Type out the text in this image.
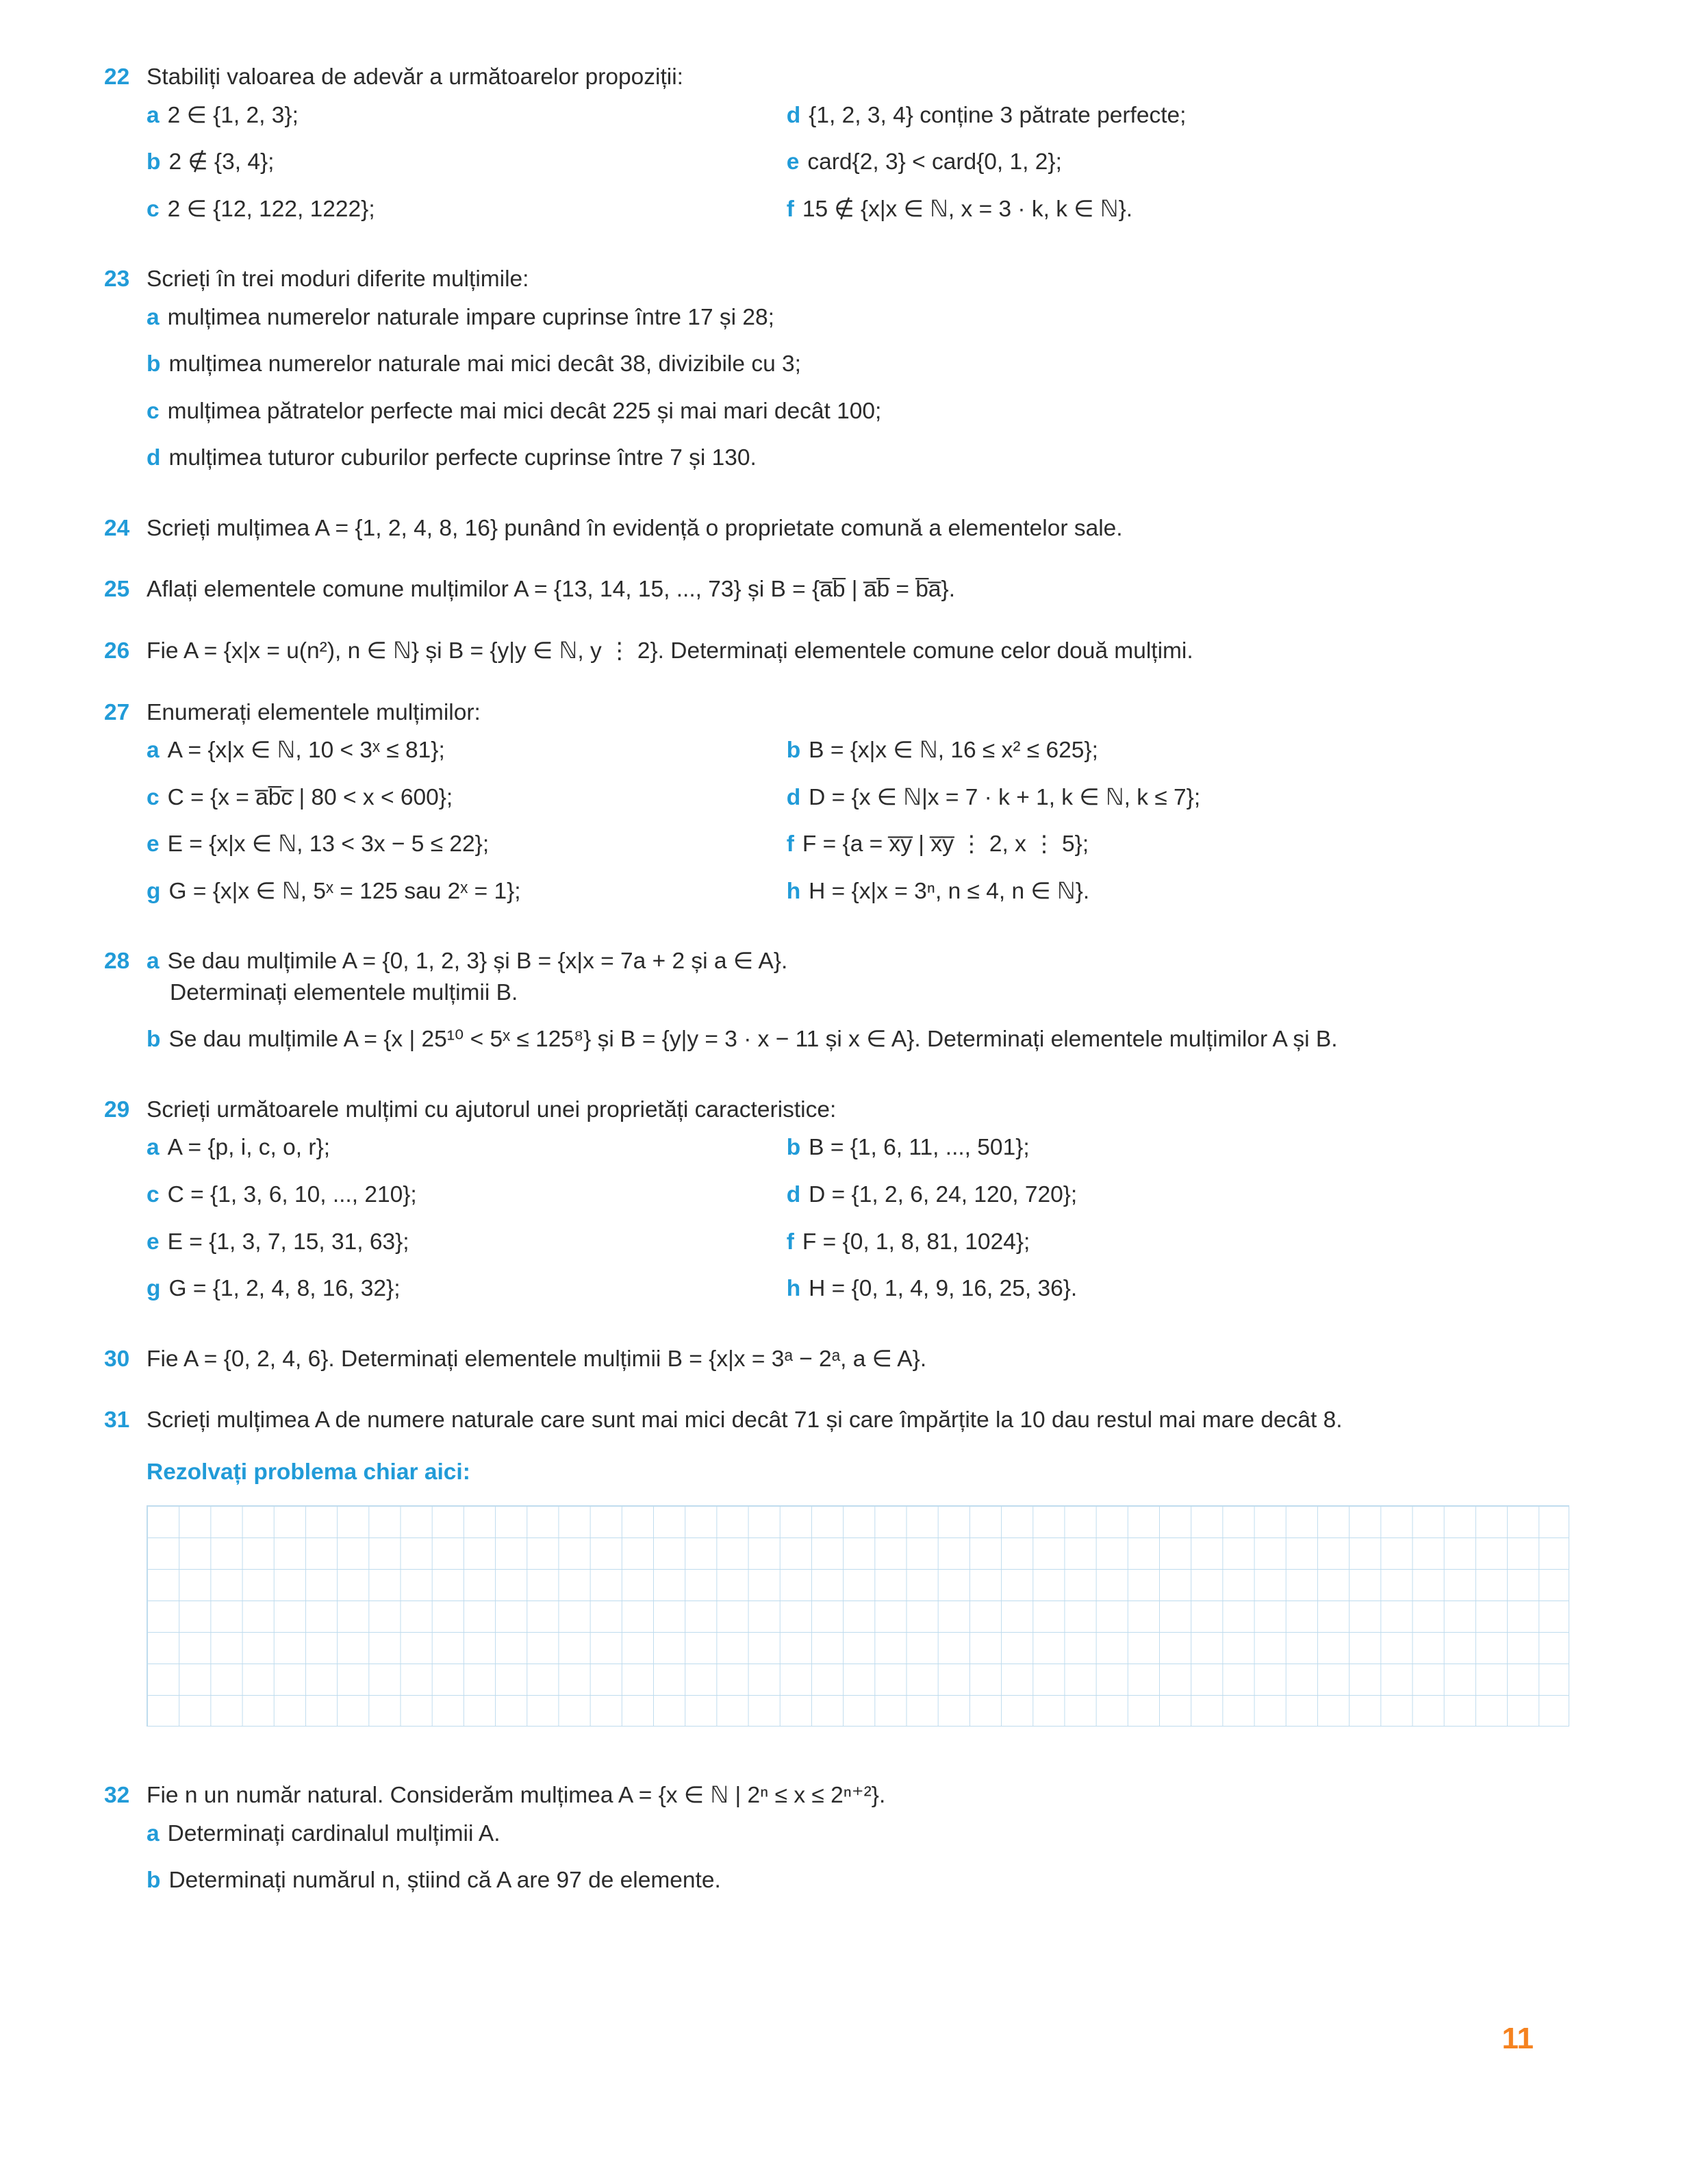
22 Stabiliți valoarea de adevăr a următoarelor propoziții:

a 2 ∈ {1, 2, 3};
b 2 ∉ {3, 4};
c 2 ∈ {12, 122, 1222};
d {1, 2, 3, 4} conține 3 pătrate perfecte;
e card{2, 3} < card{0, 1, 2};
f 15 ∉ {x|x ∈ ℕ, x = 3 · k, k ∈ ℕ}.
23 Scrieți în trei moduri diferite mulțimile:

a mulțimea numerelor naturale impare cuprinse între 17 și 28;
b mulțimea numerelor naturale mai mici decât 38, divizibile cu 3;
c mulțimea pătratelor perfecte mai mici decât 225 și mai mari decât 100;
d mulțimea tuturor cuburilor perfecte cuprinse între 7 și 130.
24 Scrieți mulțimea A = {1, 2, 4, 8, 16} punând în evidență o proprietate comună a elementelor sale.

25 Aflați elementele comune mulțimilor A = {13, 14, 15, ..., 73} și B = {a̅b̅ | a̅b̅ = b̅a̅}.

26 Fie A = {x|x = u(n²), n ∈ ℕ} și B = {y|y ∈ ℕ, y ⋮ 2}. Determinați elementele comune celor două mulțimi.

27 Enumerați elementele mulțimilor:

a A = {x|x ∈ ℕ, 10 < 3ˣ ≤ 81};
c C = {x = a̅b̅c̅ | 80 < x < 600};
e E = {x|x ∈ ℕ, 13 < 3x − 5 ≤ 22};
g G = {x|x ∈ ℕ, 5ˣ = 125 sau 2ˣ = 1};
b B = {x|x ∈ ℕ, 16 ≤ x² ≤ 625};
d D = {x ∈ ℕ|x = 7 · k + 1, k ∈ ℕ, k ≤ 7};
f F = {a = x̅y̅ | x̅y̅ ⋮ 2, x ⋮ 5};
h H = {x|x = 3ⁿ, n ≤ 4, n ∈ ℕ}.
28 a Se dau mulțimile A = {0, 1, 2, 3} și B = {x|x = 7a + 2 și a ∈ A}.
Determinați elementele mulțimii B.
b Se dau mulțimile A = {x | 25¹⁰ < 5ˣ ≤ 125⁸} și B = {y|y = 3 · x − 11 și x ∈ A}. Determinați elementele mulțimilor A și B.
29 Scrieți următoarele mulțimi cu ajutorul unei proprietăți caracteristice:

a A = {p, i, c, o, r};
c C = {1, 3, 6, 10, ..., 210};
e E = {1, 3, 7, 15, 31, 63};
g G = {1, 2, 4, 8, 16, 32};
b B = {1, 6, 11, ..., 501};
d D = {1, 2, 6, 24, 120, 720};
f F = {0, 1, 8, 81, 1024};
h H = {0, 1, 4, 9, 16, 25, 36}.
30 Fie A = {0, 2, 4, 6}. Determinați elementele mulțimii B = {x|x = 3ᵃ − 2ᵃ, a ∈ A}.

31 Scrieți mulțimea A de numere naturale care sunt mai mici decât 71 și care împărțite la 10 dau restul mai mare decât 8.

Rezolvați problema chiar aici:

32 Fie n un număr natural. Considerăm mulțimea A = {x ∈ ℕ | 2ⁿ ≤ x ≤ 2ⁿ⁺²}.

a Determinați cardinalul mulțimii A.
b Determinați numărul n, știind că A are 97 de elemente.
11
